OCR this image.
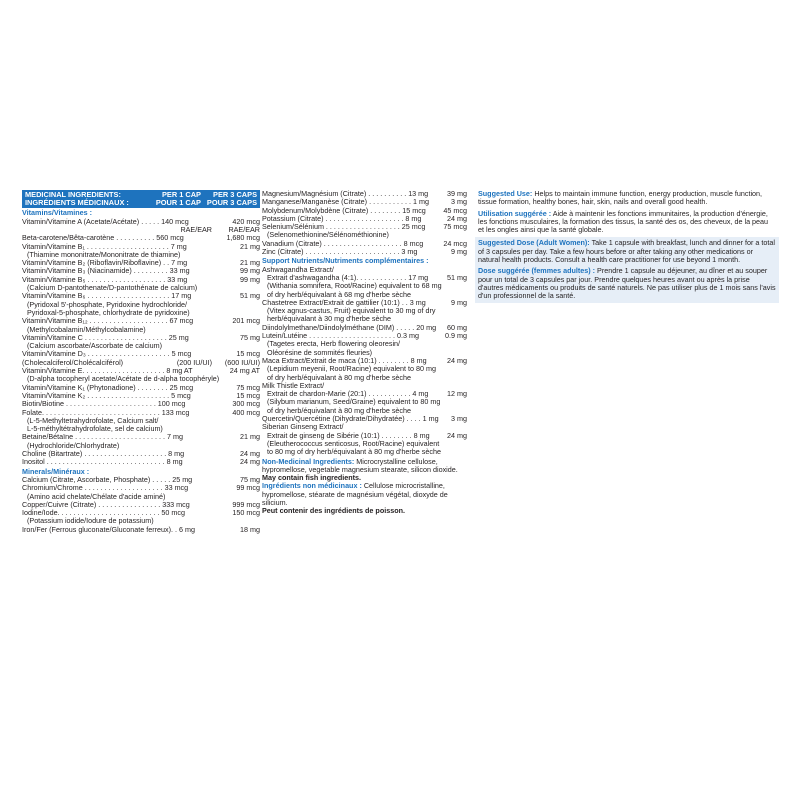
MEDICINAL INGREDIENTS:
INGRÉDIENTS MÉDICINAUX :
PER 1 CAP
POUR 1 CAP
PER 3 CAPS
POUR 3 CAPS
Vitamins/Vitamines :
Vitamin/Vitamine A (Acetate/Acétate) . . . . . 140 mcg	420 mcg
RAE/EAR	RAE/EAR
Beta-carotene/Bêta-carotène . . . . . . . . . . 560 mcg	1,680 mcg
Vitamin/Vitamine B₁ . . . . . . . . . . . . . . . . . . . . . 7 mg	21 mg
(Thiamine mononitrate/Mononitrate de thiamine)
Vitamin/Vitamine B₂ (Riboflavin/Riboflavine) . . 7 mg	21 mg
Vitamin/Vitamine B₃ (Niacinamide) . . . . . . . . . 33 mg	99 mg
Vitamin/Vitamine B₅ . . . . . . . . . . . . . . . . . . . . 33 mg	99 mg
(Calcium D-pantothenate/D-pantothénate de calcium)
Vitamin/Vitamine B₆ . . . . . . . . . . . . . . . . . . . . . 17 mg	51 mg
(Pyridoxal 5'-phosphate, Pyridoxine hydrochloride/
Pyridoxal-5-phosphate, chlorhydrate de pyridoxine)
Vitamin/Vitamine B₁₂ . . . . . . . . . . . . . . . . . . . . 67 mcg	201 mcg
(Methylcobalamin/Méthylcobalamine)
Vitamin/Vitamine C . . . . . . . . . . . . . . . . . . . . . 25 mg	75 mg
(Calcium ascorbate/Ascorbate de calcium)
Vitamin/Vitamine D₃ . . . . . . . . . . . . . . . . . . . . . 5 mcg	15 mcg
(Cholecalciferol/Cholécalciférol)	(200 IU/UI)	(600 IU/UI)
Vitamin/Vitamine E. . . . . . . . . . . . . . . . . . . . . 8 mg AT	24 mg AT
(D-alpha tocopheryl acetate/Acétate de d-alpha tocophéryle)
Vitamin/Vitamine K₁ (Phytonadione) . . . . . . . . 25 mcg	75 mcg
Vitamin/Vitamine K₂ . . . . . . . . . . . . . . . . . . . . . 5 mcg	15 mcg
Biotin/Biotine . . . . . . . . . . . . . . . . . . . . . . . 100 mcg	300 mcg
Folate. . . . . . . . . . . . . . . . . . . . . . . . . . . . . . 133 mcg	400 mcg
(L-5-Methyltetrahydrofolate, Calcium salt/
L-5-méthyltétrahydrofolate, sel de calcium)
Betaine/Bétaïne . . . . . . . . . . . . . . . . . . . . . . . 7 mg	21 mg
(Hydrochloride/Chlorhydrate)
Choline (Bitartrate) . . . . . . . . . . . . . . . . . . . . . 8 mg	24 mg
Inositol . . . . . . . . . . . . . . . . . . . . . . . . . . . . . . 8 mg	24 mg
Minerals/Minéraux :
Calcium (Citrate, Ascorbate, Phosphate) . . . . . 25 mg	75 mg
Chromium/Chrome . . . . . . . . . . . . . . . . . . . . 33 mcg	99 mcg
(Amino acid chelate/Chélate d'acide aminé)
Copper/Cuivre (Citrate) . . . . . . . . . . . . . . . . 333 mcg	999 mcg
Iodine/Iode. . . . . . . . . . . . . . . . . . . . . . . . . . 50 mcg	150 mcg
(Potassium iodide/Iodure de potassium)
Iron/Fer (Ferrous gluconate/Gluconate ferreux). . 6 mg	18 mg
Magnesium/Magnésium (Citrate) . . . . . . . . . . 13 mg	39 mg
Manganese/Manganèse (Citrate) . . . . . . . . . . . 1 mg	3 mg
Molybdenum/Molybdène (Citrate) . . . . . . . . 15 mcg	45 mcg
Potassium (Citrate) . . . . . . . . . . . . . . . . . . . . 8 mg	24 mg
Selenium/Sélénium . . . . . . . . . . . . . . . . . . . 25 mcg	75 mcg
(Selenomethionine/Sélénométhionine)
Vanadium (Citrate) . . . . . . . . . . . . . . . . . . . . 8 mcg	24 mcg
Zinc (Citrate) . . . . . . . . . . . . . . . . . . . . . . . . 3 mg	9 mg
Support Nutrients/Nutriments complémentaires :
Ashwagandha Extract/
Extrait d'ashwagandha (4:1). . . . . . . . . . . . . 17 mg	51 mg
(Withania somnifera, Root/Racine) equivalent to 68 mg
of dry herb/équivalant à 68 mg d'herbe sèche
Chastetree Extract/Extrait de gattilier (10:1) . . 3 mg	9 mg
(Vitex agnus-castus, Fruit) equivalent to 30 mg of dry
herb/équivalant à 30 mg d'herbe sèche
Diindolylmethane/Diindolylméthane (DIM) . . . . . 20 mg	60 mg
Lutein/Lutéine . . . . . . . . . . . . . . . . . . . . . . 0.3 mg	0.9 mg
(Tagetes erecta, Herb flowering oleoresin/
Oléorésine de sommités fleuries)
Maca Extract/Extrait de maca (10:1) . . . . . . . . 8 mg	24 mg
(Lepidium meyenii, Root/Racine) equivalent to 80 mg
of dry herb/équivalant à 80 mg d'herbe sèche
Milk Thistle Extract/
Extrait de chardon-Marie (20:1) . . . . . . . . . . . 4 mg	12 mg
(Silybum marianum, Seed/Graine) equivalent to 80 mg
of dry herb/équivalant à 80 mg d'herbe sèche
Quercetin/Quercétine (Dihydrate/Dihydratée) . . . . 1 mg	3 mg
Siberian Ginseng Extract/
Extrait de ginseng de Sibérie (10:1) . . . . . . . . 8 mg	24 mg
(Eleutherococcus senticosus, Root/Racine) equivalent
to 80 mg of dry herb/équivalant à 80 mg d'herbe sèche
Non-Medicinal Ingredients: Microcrystalline cellulose, hypromellose, vegetable magnesium stearate, silicon dioxide.
May contain fish ingredients.
Ingrédients non médicinaux : Cellulose microcristalline, hypromellose, stéarate de magnésium végétal, dioxyde de silicium.
Peut contenir des ingrédients de poisson.
Suggested Use: Helps to maintain immune function, energy production, muscle function, tissue formation, healthy bones, hair, skin, nails and overall good health.
Utilisation suggérée : Aide à maintenir les fonctions immunitaires, la production d'énergie, les fonctions musculaires, la formation des tissus, la santé des os, des cheveux, de la peau et les ongles ainsi que la santé globale.
Suggested Dose (Adult Women): Take 1 capsule with breakfast, lunch and dinner for a total of 3 capsules per day. Take a few hours before or after taking any other medications or natural health products. Consult a health care practitioner for use beyond 1 month.
Dose suggérée (femmes adultes) : Prendre 1 capsule au déjeuner, au dîner et au souper pour un total de 3 capsules par jour. Prendre quelques heures avant ou après la prise d'autres médicaments ou produits de santé naturels. Ne pas utiliser plus de 1 mois sans l'avis d'un professionnel de la santé.
